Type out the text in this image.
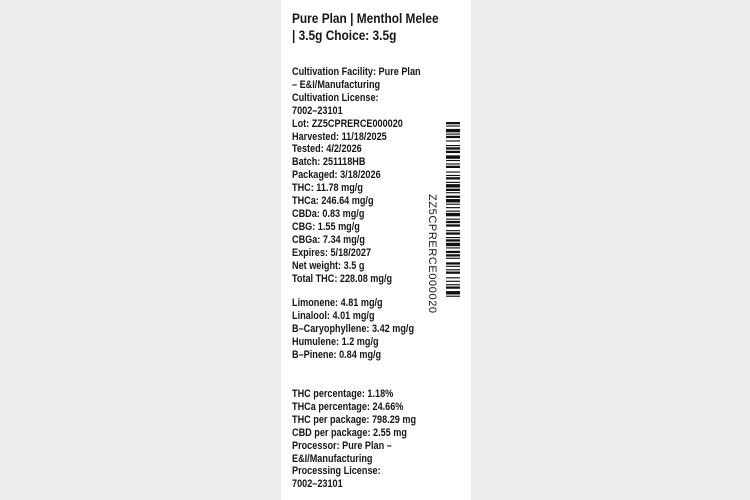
Pure Plan | Menthol Melee
| 3.5g Choice: 3.5g
Cultivation Facility: Pure Plan
– E&I/Manufacturing
Cultivation License:
7002–23101
Lot: ZZ5CPRERCE000020
Harvested: 11/18/2025
Tested: 4/2/2026
Batch: 251118HB
Packaged: 3/18/2026
THC: 11.78 mg/g
THCa: 246.64 mg/g
CBDa: 0.83 mg/g
CBG: 1.55 mg/g
CBGa: 7.34 mg/g
Expires: 5/18/2027
Net weight: 3.5 g
Total THC: 228.08 mg/g
Limonene: 4.81 mg/g
Linalool: 4.01 mg/g
B–Caryophyllene: 3.42 mg/g
Humulene: 1.2 mg/g
B–Pinene: 0.84 mg/g
THC percentage: 1.18%
THCa percentage: 24.66%
THC per package: 798.29 mg
CBD per package: 2.55 mg
Processor: Pure Plan –
E&I/Manufacturing
Processing License:
7002–23101
ZZ5CPRERCE000020
